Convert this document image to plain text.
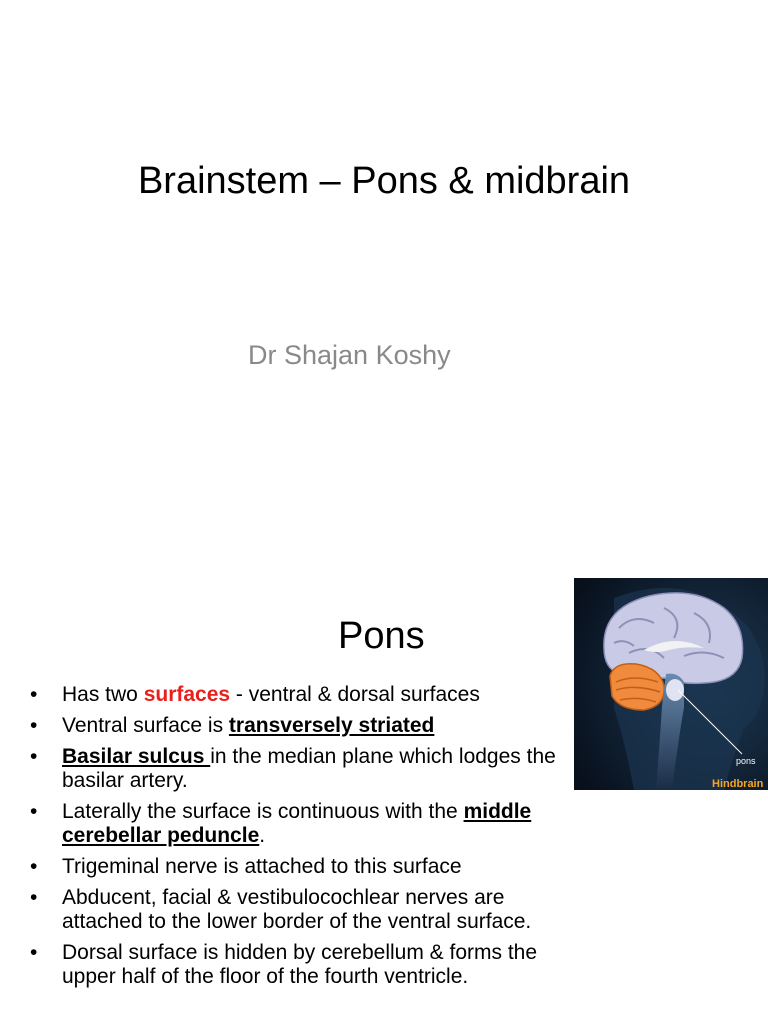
Brainstem – Pons & midbrain
Dr Shajan Koshy
pons
Hindbrain
Pons
• Has two surfaces - ventral & dorsal surfaces
• Ventral surface is transversely striated
• Basilar sulcus in the median plane which lodges the basilar artery.
• Laterally the surface is continuous with the middle cerebellar peduncle.
• Trigeminal nerve is attached to this surface
• Abducent, facial & vestibulocochlear nerves are attached to the lower border of the ventral surface.
• Dorsal surface is hidden by cerebellum & forms the upper half of the floor of the fourth ventricle.
